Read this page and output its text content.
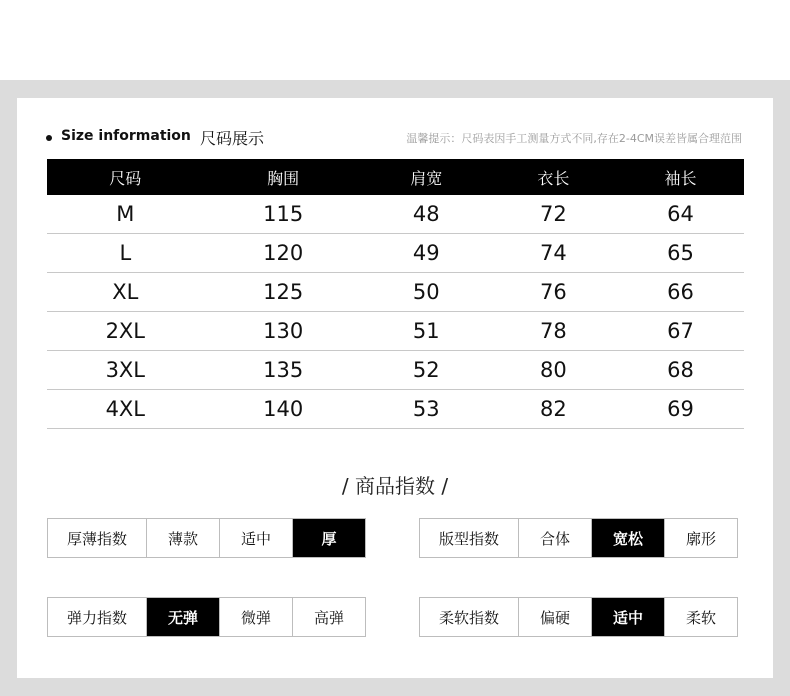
Size information 尺码展示	温馨提示：尺码表因手工测量方式不同,存在2-4CM误差皆属合理范围
尺码	胸围	肩宽	衣长	袖长
M	115	48	72	64
L	120	49	74	65
XL	125	50	76	66
2XL	130	51	78	67
3XL	135	52	80	68
4XL	140	53	82	69
/ 商品指数 /
厚薄指数	薄款	适中	厚	版型指数	合体	宽松	廓形
弹力指数	无弹	微弹	高弹	柔软指数	偏硬	适中	柔软
